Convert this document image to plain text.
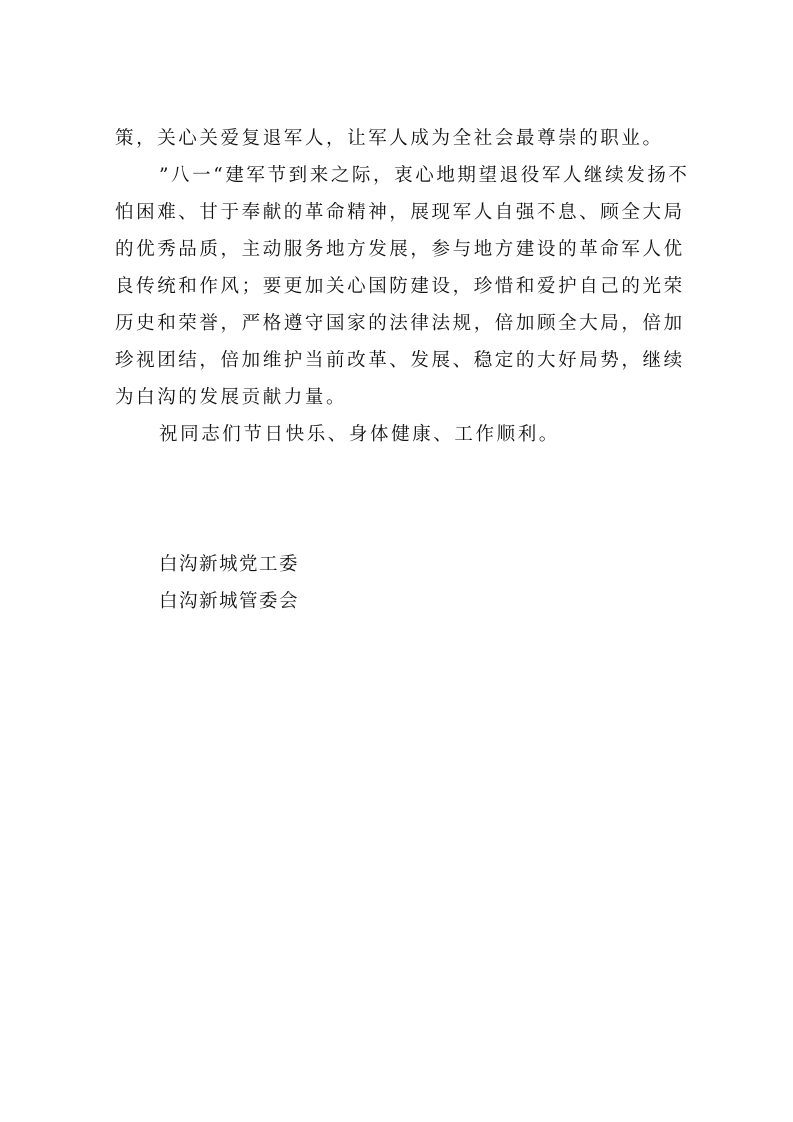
策，关心关爱复退军人，让军人成为全社会最尊崇的职业。
”八一“建军节到来之际，衷心地期望退役军人继续发扬不
怕困难、甘于奉献的革命精神，展现军人自强不息、顾全大局
的优秀品质，主动服务地方发展，参与地方建设的革命军人优
良传统和作风；要更加关心国防建设，珍惜和爱护自己的光荣
历史和荣誉，严格遵守国家的法律法规，倍加顾全大局，倍加
珍视团结，倍加维护当前改革、发展、稳定的大好局势，继续
为白沟的发展贡献力量。
祝同志们节日快乐、身体健康、工作顺利。
白沟新城党工委
白沟新城管委会
